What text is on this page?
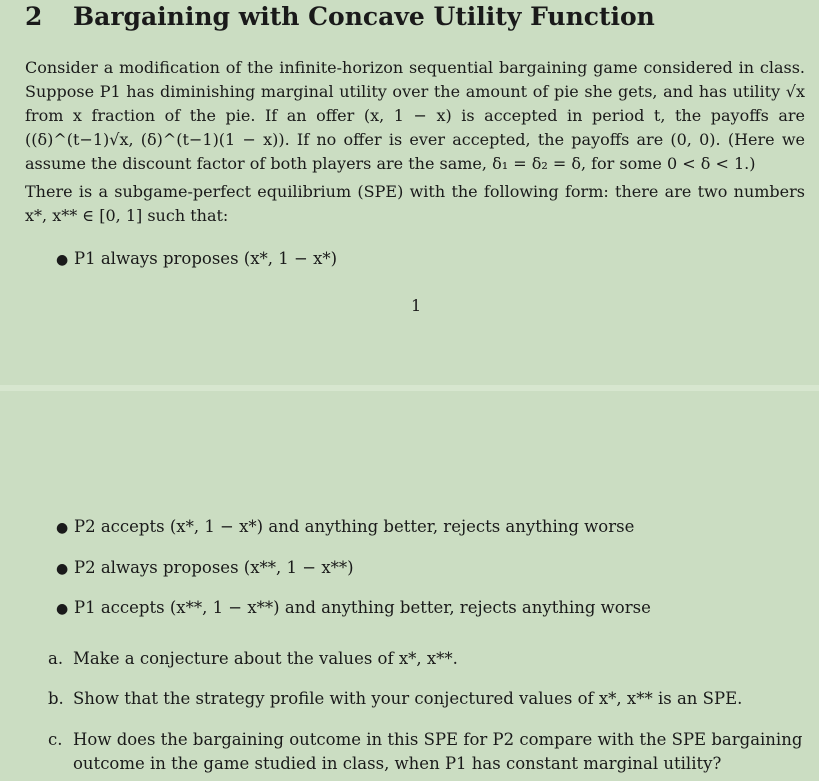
2 Bargaining with Concave Utility Function
Consider a modification of the infinite-horizon sequential bargaining game considered in class. Suppose P1 has diminishing marginal utility over the amount of pie she gets, and has utility √x from x fraction of the pie. If an offer (x, 1 − x) is accepted in period t, the payoffs are ((δ)^(t−1)√x, (δ)^(t−1)(1 − x)). If no offer is ever accepted, the payoffs are (0, 0). (Here we assume the discount factor of both players are the same, δ₁ = δ₂ = δ, for some 0 < δ < 1.)
There is a subgame-perfect equilibrium (SPE) with the following form: there are two numbers x*, x** ∈ [0, 1] such that:
● P1 always proposes (x*, 1 − x*)
1
● P2 accepts (x*, 1 − x*) and anything better, rejects anything worse
● P2 always proposes (x**, 1 − x**)
● P1 accepts (x**, 1 − x**) and anything better, rejects anything worse
a. Make a conjecture about the values of x*, x**.
b. Show that the strategy profile with your conjectured values of x*, x** is an SPE.
c. How does the bargaining outcome in this SPE for P2 compare with the SPE bargaining outcome in the game studied in class, when P1 has constant marginal utility?
